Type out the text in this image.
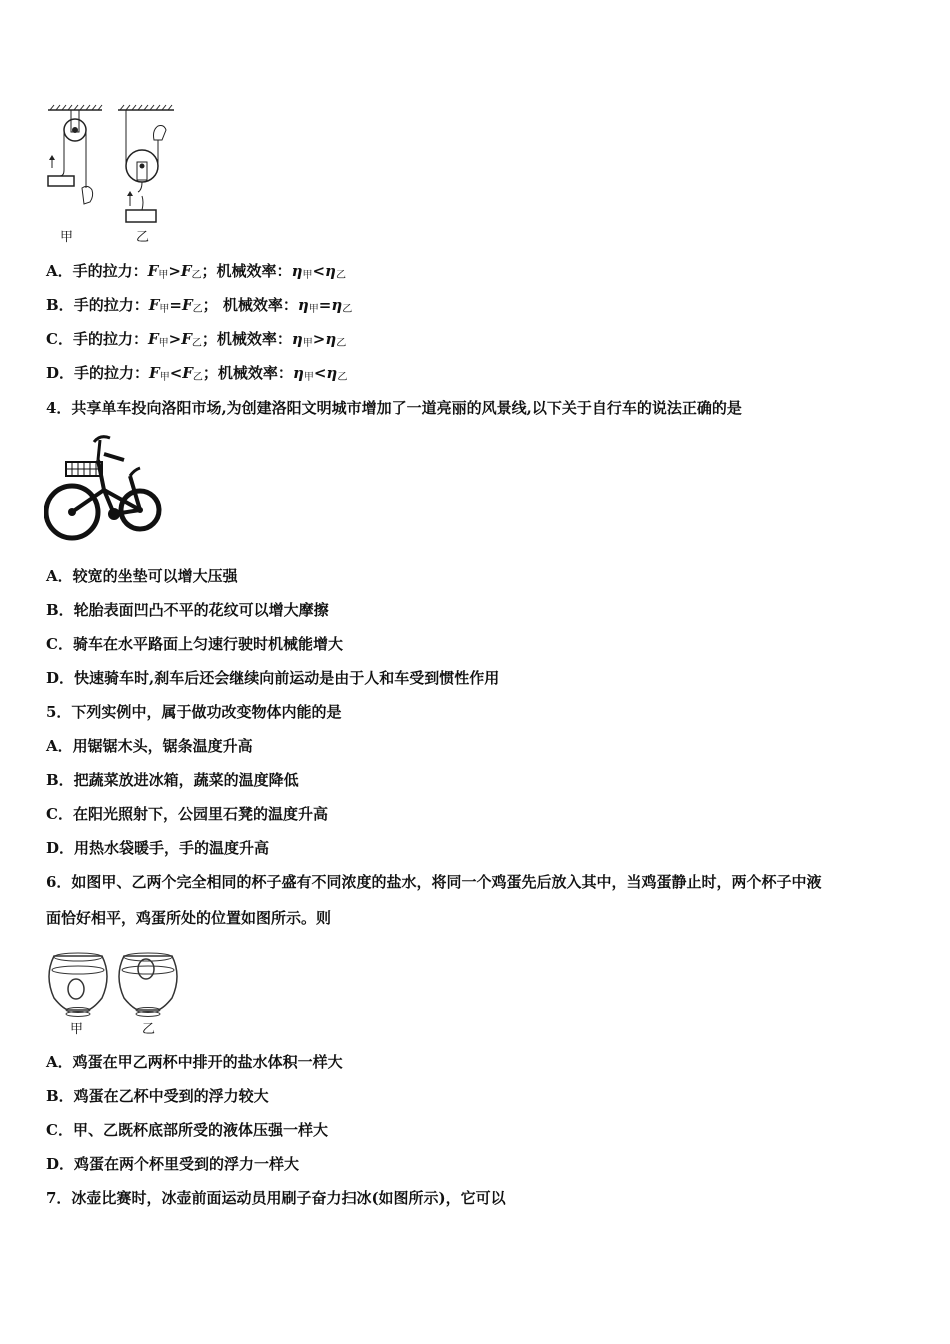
甲	乙
A．手的拉力：$F_甲>F_乙$；机械效率：$\eta_甲<\eta_乙$
B．手的拉力：$F_甲=F_乙$； 机械效率：$\eta_甲=\eta_乙$
C．手的拉力：$F_甲>F_乙$；机械效率：$\eta_甲>\eta_乙$
D．手的拉力：$F_甲<F_乙$；机械效率：$\eta_甲<\eta_乙$
4．共享单车投向洛阳市场,为创建洛阳文明城市增加了一道亮丽的风景线,以下关于自行车的说法正确的是
A．较宽的坐垫可以增大压强
B．轮胎表面凹凸不平的花纹可以增大摩擦
C．骑车在水平路面上匀速行驶时机械能增大
D．快速骑车时,刹车后还会继续向前运动是由于人和车受到惯性作用
5．下列实例中，属于做功改变物体内能的是
A．用锯锯木头，锯条温度升高
B．把蔬菜放进冰箱，蔬菜的温度降低
C．在阳光照射下，公园里石凳的温度升高
D．用热水袋暖手，手的温度升高
6．如图甲、乙两个完全相同的杯子盛有不同浓度的盐水，将同一个鸡蛋先后放入其中，当鸡蛋静止时，两个杯子中液
面恰好相平，鸡蛋所处的位置如图所示。则
甲	乙
A．鸡蛋在甲乙两杯中排开的盐水体积一样大
B．鸡蛋在乙杯中受到的浮力较大
C．甲、乙既杯底部所受的液体压强一样大
D．鸡蛋在两个杯里受到的浮力一样大
7．冰壶比赛时，冰壶前面运动员用刷子奋力扫冰(如图所示)，它可以
